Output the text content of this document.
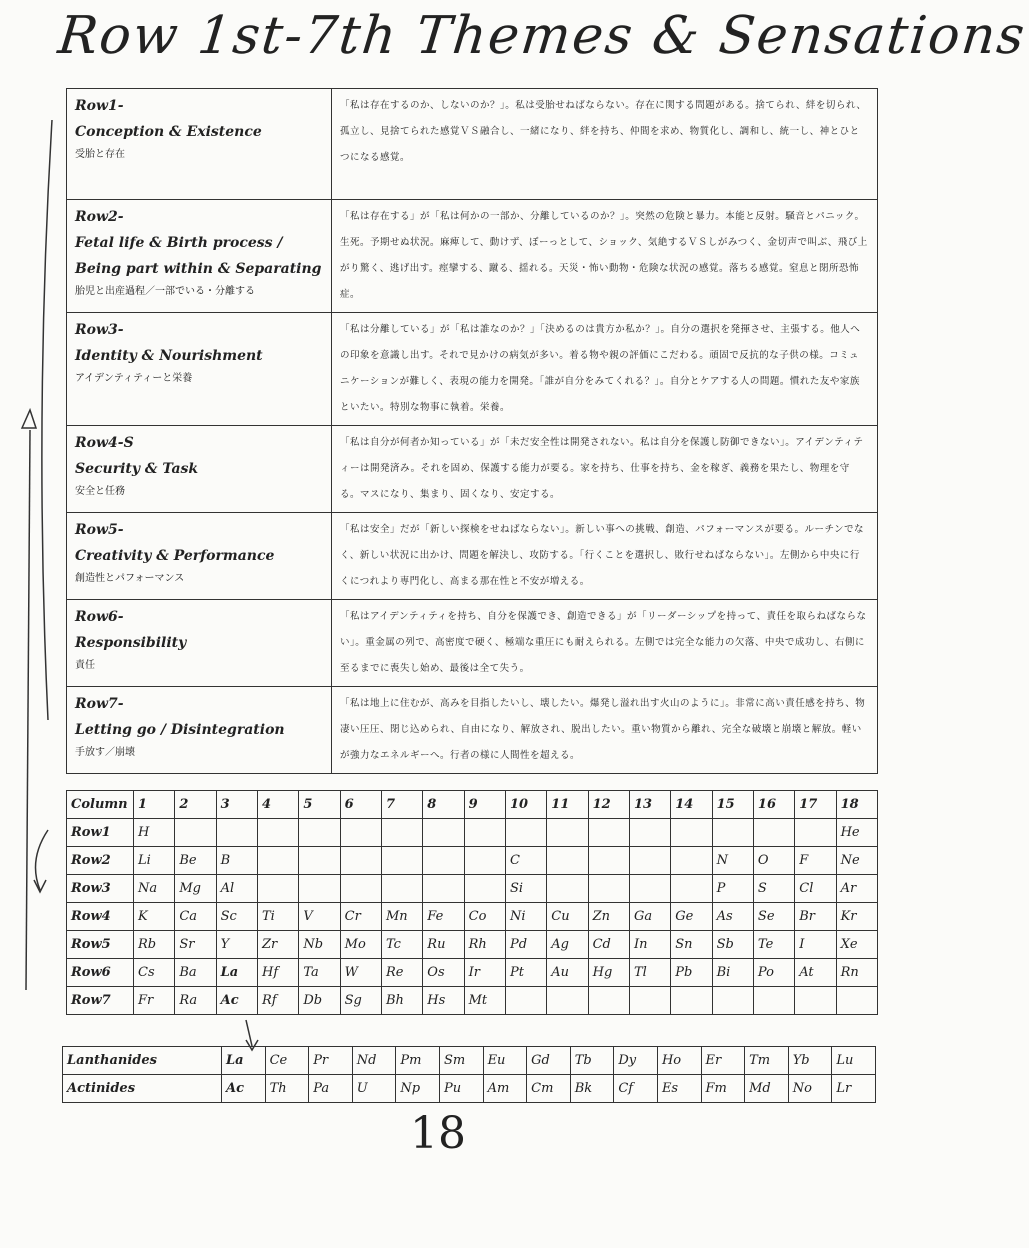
Row 1st-7th Themes & Sensations
Row1-
Conception & Existence
受胎と存在	「私は存在するのか、しないのか？」。私は受胎せねばならない。存在に関する問題がある。捨てられ、絆を切られ、孤立し、見捨てられた感覚ＶＳ融合し、一緒になり、絆を持ち、仲間を求め、物質化し、調和し、統一し、神とひとつになる感覚。

Row2-
Fetal life & Birth process /
Being part within & Separating
胎児と出産過程／一部でいる・分離する	「私は存在する」が「私は何かの一部か、分離しているのか？」。突然の危険と暴力。本能と反射。騒音とパニック。生死。予期せぬ状況。麻痺して、動けず、ぼーっとして、ショック、気絶するＶＳしがみつく、金切声で叫ぶ、飛び上がり驚く、逃げ出す。痙攣する、蹴る、揺れる。天災・怖い動物・危険な状況の感覚。落ちる感覚。窒息と閉所恐怖症。

Row3-
Identity & Nourishment
アイデンティティーと栄養	「私は分離している」が「私は誰なのか？」「決めるのは貴方か私か？」。自分の選択を発揮させ、主張する。他人への印象を意識し出す。それで見かけの病気が多い。着る物や親の評価にこだわる。頑固で反抗的な子供の様。コミュニケーションが難しく、表現の能力を開発。「誰が自分をみてくれる？」。自分とケアする人の問題。慣れた友や家族といたい。特別な物事に執着。栄養。

Row4-S
Security & Task
安全と任務	「私は自分が何者か知っている」が「未だ安全性は開発されない。私は自分を保護し防御できない」。アイデンティティーは開発済み。それを固め、保護する能力が要る。家を持ち、仕事を持ち、金を稼ぎ、義務を果たし、物理を守る。マスになり、集まり、固くなり、安定する。

Row5-
Creativity & Performance
創造性とパフォーマンス	「私は安全」だが「新しい探検をせねばならない」。新しい事への挑戦、創造、パフォーマンスが要る。ルーチンでなく、新しい状況に出かけ、問題を解決し、攻防する。「行くことを選択し、敗行せねばならない」。左側から中央に行くにつれより専門化し、高まる那在性と不安が増える。

Row6-
Responsibility
責任	「私はアイデンティティを持ち、自分を保護でき、創造できる」が「リーダーシップを持って、責任を取らねばならない」。重金属の列で、高密度で硬く、極端な重圧にも耐えられる。左側では完全な能力の欠落、中央で成功し、右側に至るまでに喪失し始め、最後は全て失う。

Row7-
Letting go / Disintegration
手放す／崩壊	「私は地上に住むが、高みを目指したいし、壊したい。爆発し溢れ出す火山のように」。非常に高い責任感を持ち、物凄い圧圧、閉じ込められ、自由になり、解放され、脱出したい。重い物質から離れ、完全な破壊と崩壊と解放。軽いが強力なエネルギーへ。行者の様に人間性を超える。
Column	1	2	3	4	5	6	7	8	9	10	11	12	13	14	15	16	17	18
Row1	H																	He
Row2	Li	Be	B							C					N	O	F	Ne
Row3	Na	Mg	Al							Si					P	S	Cl	Ar
Row4	K	Ca	Sc	Ti	V	Cr	Mn	Fe	Co	Ni	Cu	Zn	Ga	Ge	As	Se	Br	Kr
Row5	Rb	Sr	Y	Zr	Nb	Mo	Tc	Ru	Rh	Pd	Ag	Cd	In	Sn	Sb	Te	I	Xe
Row6	Cs	Ba	La	Hf	Ta	W	Re	Os	Ir	Pt	Au	Hg	Tl	Pb	Bi	Po	At	Rn
Row7	Fr	Ra	Ac	Rf	Db	Sg	Bh	Hs	Mt									
Lanthanides	La	Ce	Pr	Nd	Pm	Sm	Eu	Gd	Tb	Dy	Ho	Er	Tm	Yb	Lu
Actinides	Ac	Th	Pa	U	Np	Pu	Am	Cm	Bk	Cf	Es	Fm	Md	No	Lr
18
